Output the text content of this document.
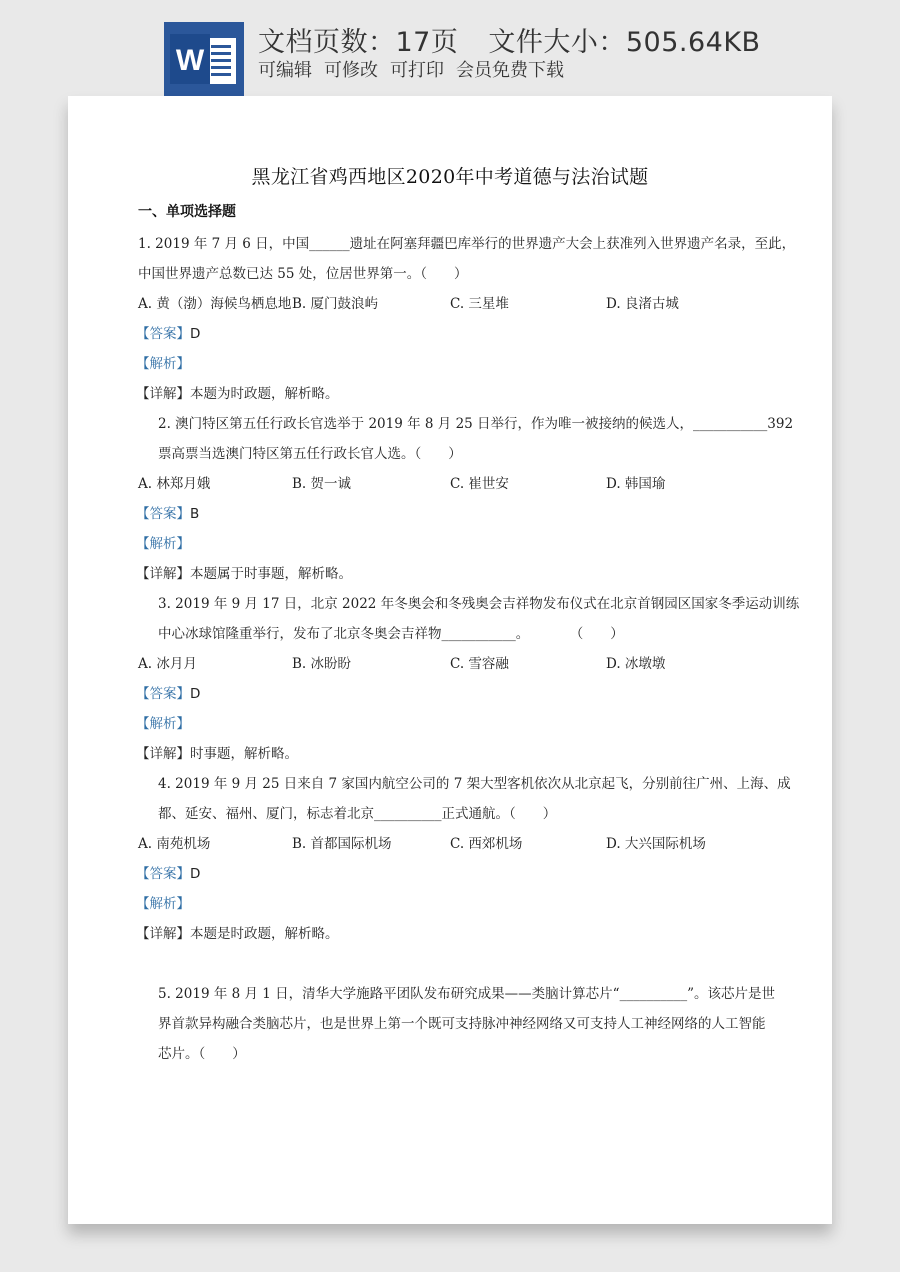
W
文档页数：17页 文件大小：505.64KB
可编辑 可修改 可打印 会员免费下载
黑龙江省鸡西地区2020年中考道德与法治试题
一、单项选择题
1. 2019 年 7 月 6 日，中国______遗址在阿塞拜疆巴库举行的世界遗产大会上获准列入世界遗产名录，至此，
中国世界遗产总数已达 55 处，位居世界第一。（　　）
A. 黄（渤）海候鸟栖息地 B. 厦门鼓浪屿	C. 三星堆	D. 良渚古城
【答案】D
【解析】
【详解】本题为时政题，解析略。
2. 澳门特区第五任行政长官选举于 2019 年 8 月 25 日举行，作为唯一被接纳的候选人，___________392
票高票当选澳门特区第五任行政长官人选。（　　）
A. 林郑月娥	B. 贺一诚	C. 崔世安	D. 韩国瑜
【答案】B
【解析】
【详解】本题属于时事题，解析略。
3. 2019 年 9 月 17 日，北京 2022 年冬奥会和冬残奥会吉祥物发布仪式在北京首钢园区国家冬季运动训练
中心冰球馆隆重举行，发布了北京冬奥会吉祥物___________。　　　　（　　）
A. 冰月月	B. 冰盼盼	C. 雪容融	D. 冰墩墩
【答案】D
【解析】
【详解】时事题，解析略。
4. 2019 年 9 月 25 日来自 7 家国内航空公司的 7 架大型客机依次从北京起飞，分别前往广州、上海、成
都、延安、福州、厦门，标志着北京__________正式通航。（　　）
A. 南苑机场	B. 首都国际机场	C. 西郊机场	D. 大兴国际机场
【答案】D
【解析】
【详解】本题是时政题，解析略。
5. 2019 年 8 月 1 日，清华大学施路平团队发布研究成果——类脑计算芯片“__________”。该芯片是世
界首款异构融合类脑芯片，也是世界上第一个既可支持脉冲神经网络又可支持人工神经网络的人工智能
芯片。（　　）
